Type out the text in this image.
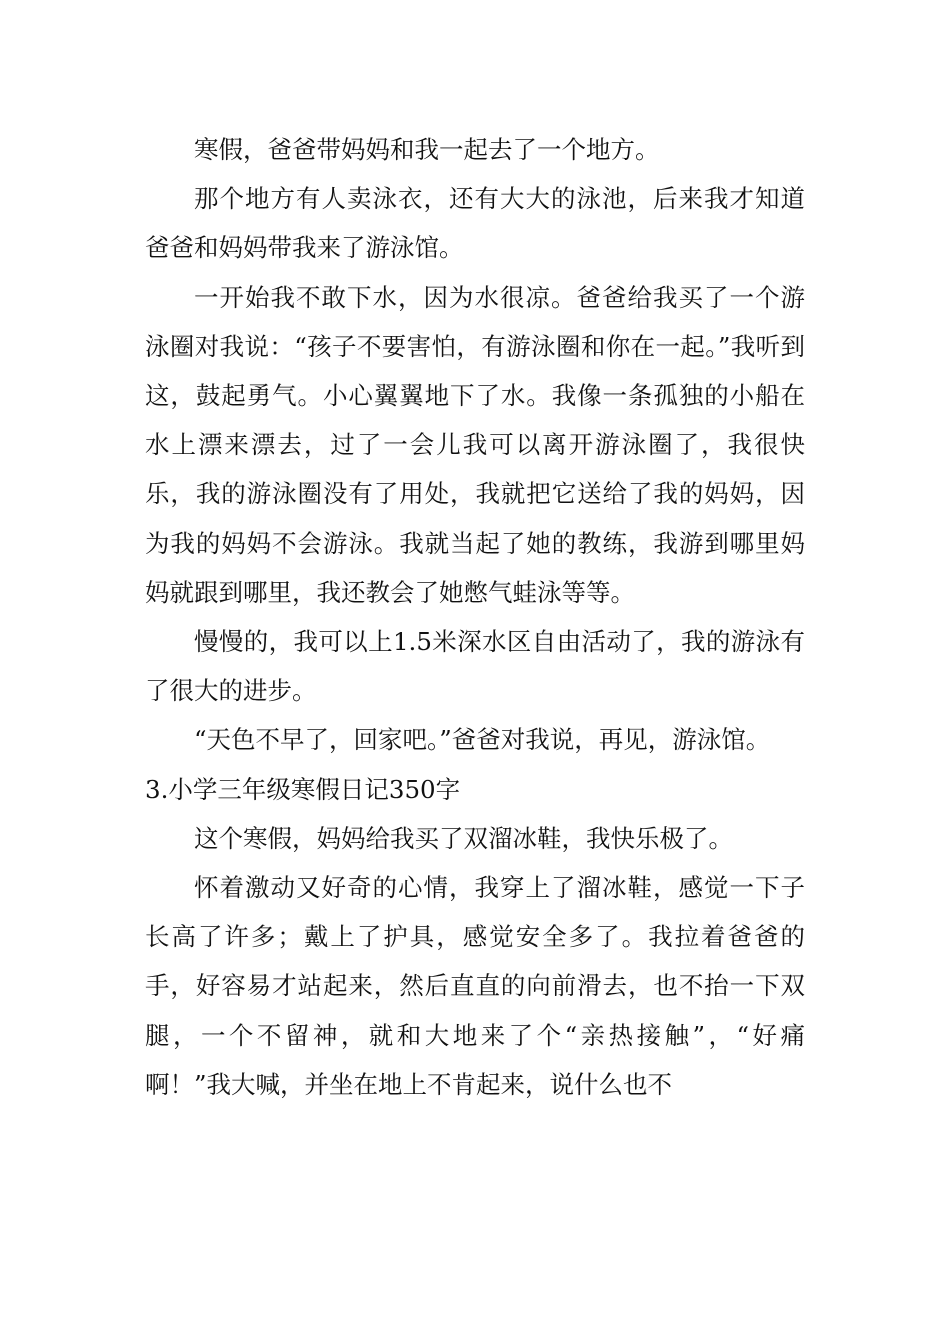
寒假，爸爸带妈妈和我一起去了一个地方。

那个地方有人卖泳衣，还有大大的泳池，后来我才知道爸爸和妈妈带我来了游泳馆。

一开始我不敢下水，因为水很凉。爸爸给我买了一个游泳圈对我说：“孩子不要害怕，有游泳圈和你在一起。”我听到这，鼓起勇气。小心翼翼地下了水。我像一条孤独的小船在水上漂来漂去，过了一会儿我可以离开游泳圈了，我很快乐，我的游泳圈没有了用处，我就把它送给了我的妈妈，因为我的妈妈不会游泳。我就当起了她的教练，我游到哪里妈妈就跟到哪里，我还教会了她憋气蛙泳等等。

慢慢的，我可以上1.5米深水区自由活动了，我的游泳有了很大的进步。

“天色不早了，回家吧。”爸爸对我说，再见，游泳馆。

3.小学三年级寒假日记350字

这个寒假，妈妈给我买了双溜冰鞋，我快乐极了。

怀着激动又好奇的心情，我穿上了溜冰鞋，感觉一下子长高了许多；戴上了护具，感觉安全多了。我拉着爸爸的手，好容易才站起来，然后直直的向前滑去，也不抬一下双腿，一个不留神，就和大地来了个“亲热接触”，“好痛啊！”我大喊，并坐在地上不肯起来，说什么也不
